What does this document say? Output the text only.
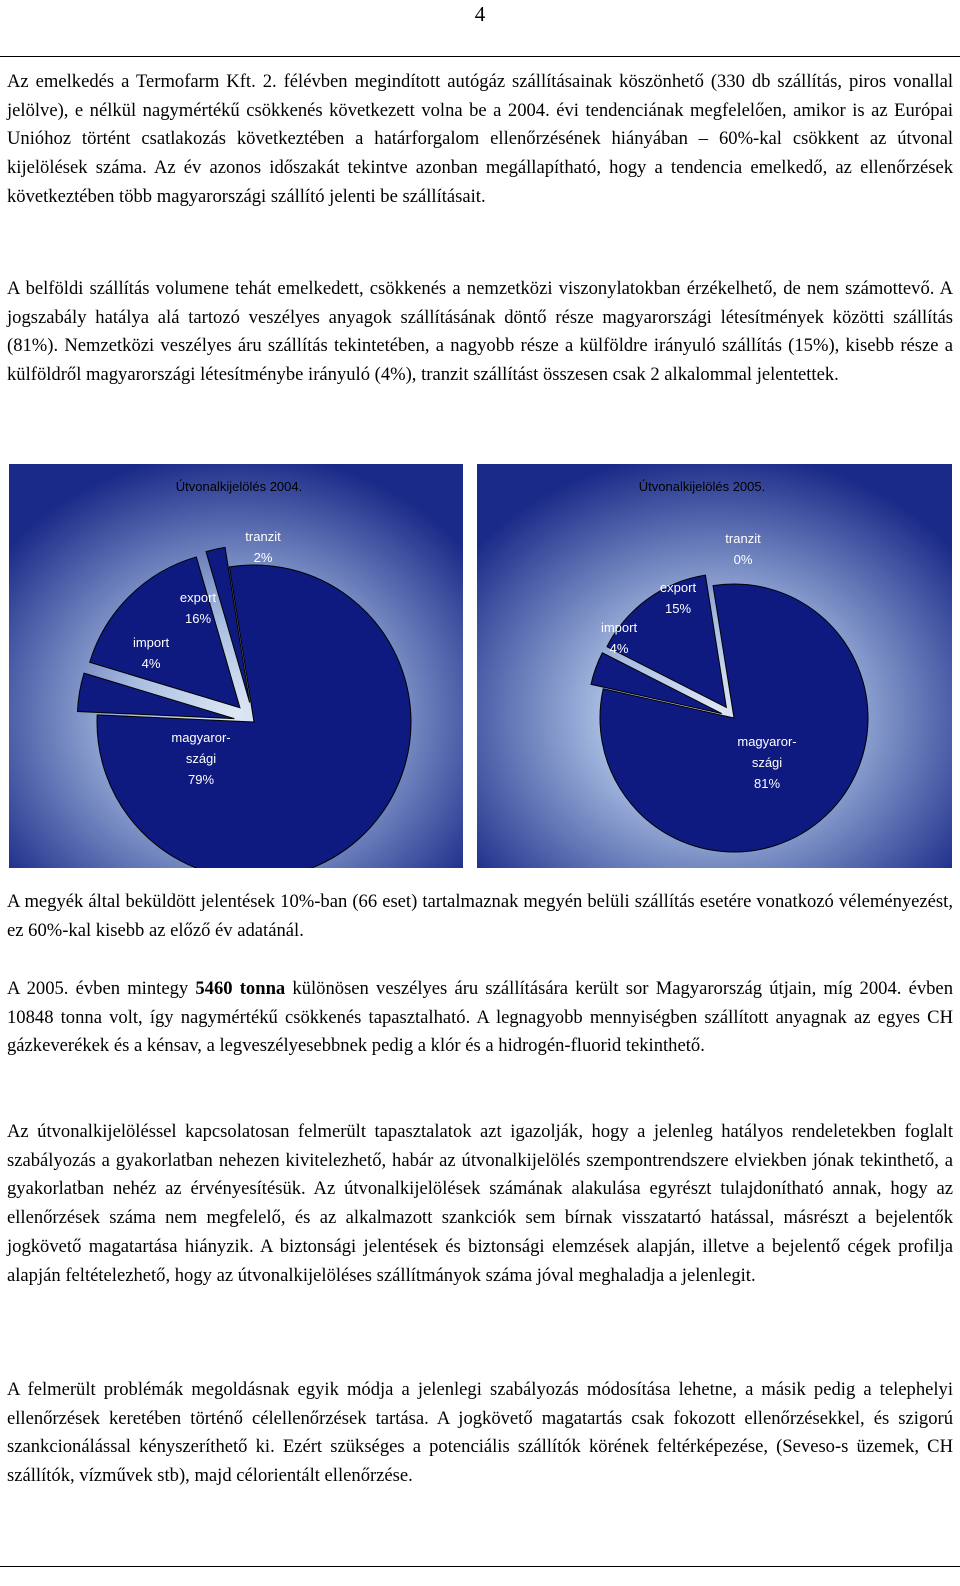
4

Az emelkedés a Termofarm Kft. 2. félévben megindított autógáz szállításainak köszönhető (330 db szállítás, piros vonallal jelölve), e nélkül nagymértékű csökkenés következett volna be a 2004. évi tendenciának megfelelően, amikor is az Európai Unióhoz történt csatlakozás következtében a határforgalom ellenőrzésének hiányában – 60%-kal csökkent az útvonal kijelölések száma. Az év azonos időszakát tekintve azonban megállapítható, hogy a tendencia emelkedő, az ellenőrzések következtében több magyarországi szállító jelenti be szállításait.

A belföldi szállítás volumene tehát emelkedett, csökkenés a nemzetközi viszonylatokban érzékelhető, de nem számottevő. A jogszabály hatálya alá tartozó veszélyes anyagok szállításának döntő része magyarországi létesítmények közötti szállítás (81%). Nemzetközi veszélyes áru szállítás tekintetében, a nagyobb része a külföldre irányuló szállítás (15%), kisebb része a külföldről magyarországi létesítménybe irányuló (4%), tranzit szállítást összesen csak 2 alkalommal jelentettek.

Útvonalkijelölés 2004.
magyaror-szági 79%
import 4%
export 16%
tranzit 2%
Útvonalkijelölés 2005.
magyaror-szági 81%
import 4%
export 15%
tranzit 0%

A megyék által beküldött jelentések 10%-ban (66 eset) tartalmaznak megyén belüli szállítás esetére vonatkozó véleményezést, ez 60%-kal kisebb az előző év adatánál.

A 2005. évben mintegy 5460 tonna különösen veszélyes áru szállítására került sor Magyarország útjain, míg 2004. évben 10848 tonna volt, így nagymértékű csökkenés tapasztalható. A legnagyobb mennyiségben szállított anyagnak az egyes CH gázkeverékek és a kénsav, a legveszélyesebbnek pedig a klór és a hidrogén-fluorid tekinthető.

Az útvonalkijelöléssel kapcsolatosan felmerült tapasztalatok azt igazolják, hogy a jelenleg hatályos rendeletekben foglalt szabályozás a gyakorlatban nehezen kivitelezhető, habár az útvonalkijelölés szempontrendszere elviekben jónak tekinthető, a gyakorlatban nehéz az érvényesítésük. Az útvonalkijelölések számának alakulása egyrészt tulajdonítható annak, hogy az ellenőrzések száma nem megfelelő, és az alkalmazott szankciók sem bírnak visszatartó hatással, másrészt a bejelentők jogkövető magatartása hiányzik. A biztonsági jelentések és biztonsági elemzések alapján, illetve a bejelentő cégek profilja alapján feltételezhető, hogy az útvonalkijelöléses szállítmányok száma jóval meghaladja a jelenlegit.

A felmerült problémák megoldásnak egyik módja a jelenlegi szabályozás módosítása lehetne, a másik pedig a telephelyi ellenőrzések keretében történő célellenőrzések tartása. A jogkövető magatartás csak fokozott ellenőrzésekkel, és szigorú szankcionálással kényszeríthető ki. Ezért szükséges a potenciális szállítók körének feltérképezése, (Seveso-s üzemek, CH szállítók, vízművek stb), majd célorientált ellenőrzése.
